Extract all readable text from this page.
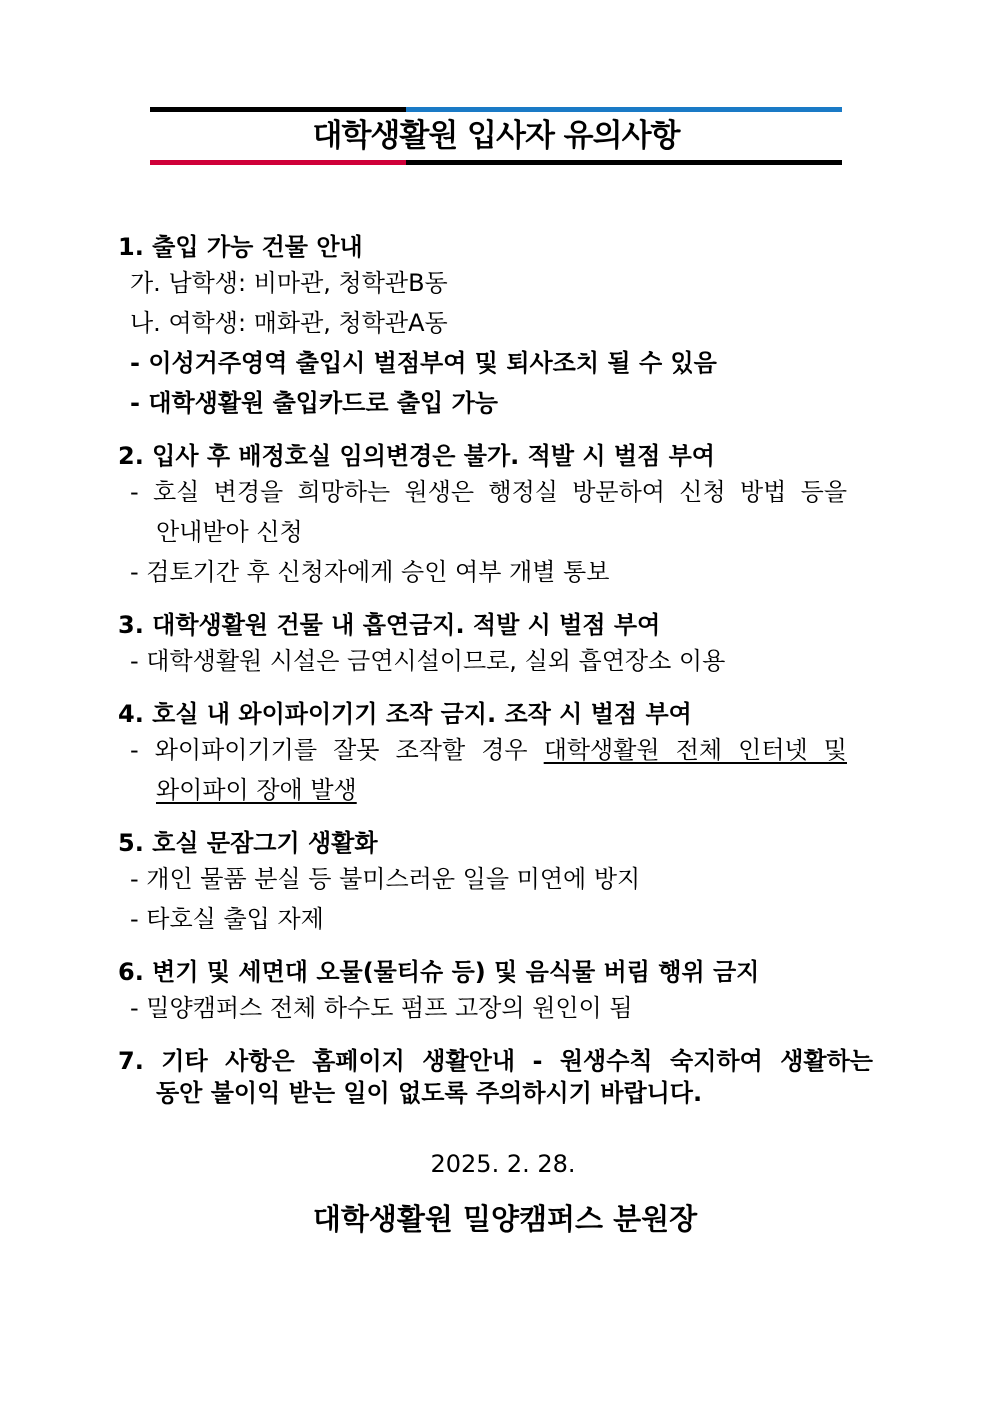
대학생활원 입사자 유의사항
1. 출입 가능 건물 안내
가. 남학생: 비마관, 청학관B동
나. 여학생: 매화관, 청학관A동
- 이성거주영역 출입시 벌점부여 및 퇴사조치 될 수 있음
- 대학생활원 출입카드로 출입 가능
2. 입사 후 배정호실 임의변경은 불가. 적발 시 벌점 부여
- 호실 변경을 희망하는 원생은 행정실 방문하여 신청 방법 등을
안내받아 신청
- 검토기간 후 신청자에게 승인 여부 개별 통보
3. 대학생활원 건물 내 흡연금지. 적발 시 벌점 부여
- 대학생활원 시설은 금연시설이므로, 실외 흡연장소 이용
4. 호실 내 와이파이기기 조작 금지. 조작 시 벌점 부여
- 와이파이기기를 잘못 조작할 경우 대학생활원 전체 인터넷 및
와이파이 장애 발생
5. 호실 문잠그기 생활화
- 개인 물품 분실 등 불미스러운 일을 미연에 방지
- 타호실 출입 자제
6. 변기 및 세면대 오물(물티슈 등) 및 음식물 버림 행위 금지
- 밀양캠퍼스 전체 하수도 펌프 고장의 원인이 됨
7. 기타 사항은 홈페이지 생활안내 - 원생수칙 숙지하여 생활하는
동안 불이익 받는 일이 없도록 주의하시기 바랍니다.
2025. 2. 28.
대학생활원 밀양캠퍼스 분원장
